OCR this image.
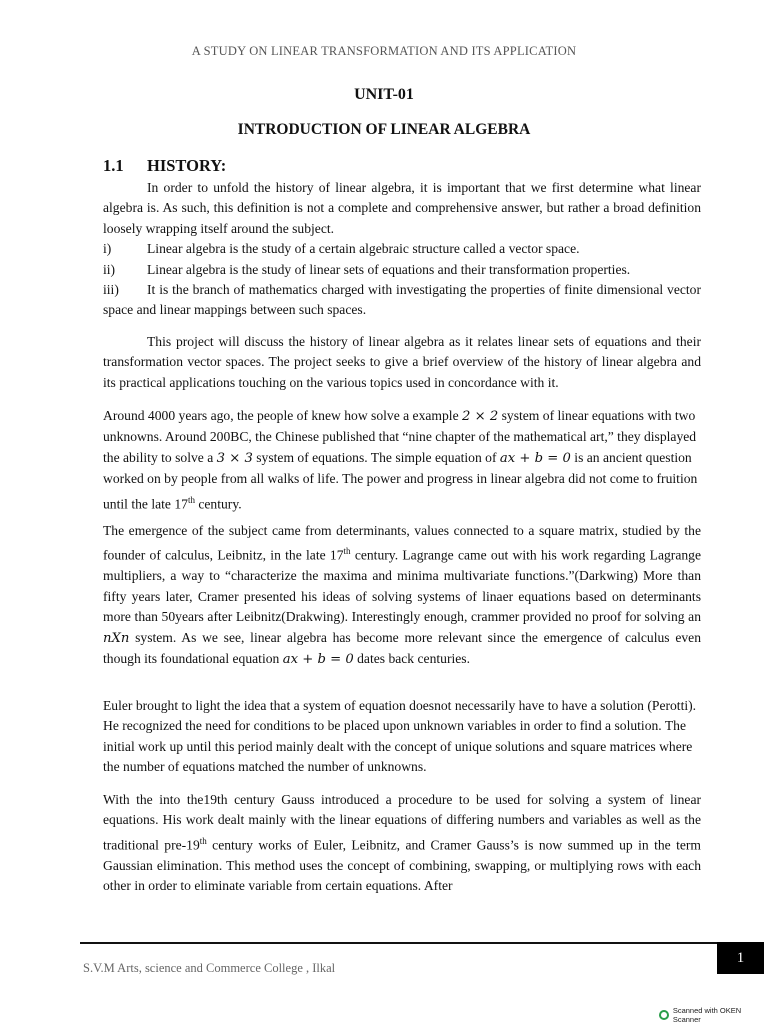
A STUDY ON LINEAR TRANSFORMATION AND ITS APPLICATION
UNIT-01
INTRODUCTION OF LINEAR ALGEBRA
1.1 HISTORY:

In order to unfold the history of linear algebra, it is important that we first determine what linear algebra is. As such, this definition is not a complete and comprehensive answer, but rather a broad definition loosely wrapping itself around the subject.

i)	Linear algebra is the study of a certain algebraic structure called a vector space.
ii)	Linear algebra is the study of linear sets of equations and their transformation properties.

iii) It is the branch of mathematics charged with investigating the properties of finite dimensional vector space and linear mappings between such spaces.

This project will discuss the history of linear algebra as it relates linear sets of equations and their transformation vector spaces. The project seeks to give a brief overview of the history of linear algebra and its practical applications touching on the various topics used in concordance with it.

Around 4000 years ago, the people of knew how solve a example 2 × 2 system of linear equations with two unknowns. Around 200BC, the Chinese published that “nine chapter of the mathematical art,” they displayed the ability to solve a 3 × 3 system of equations. The simple equation of ax + b = 0 is an ancient question worked on by people from all walks of life. The power and progress in linear algebra did not come to fruition until the late 17th century.

The emergence of the subject came from determinants, values connected to a square matrix, studied by the founder of calculus, Leibnitz, in the late 17th century. Lagrange came out with his work regarding Lagrange multipliers, a way to “characterize the maxima and minima multivariate functions.”(Darkwing) More than fifty years later, Cramer presented his ideas of solving systems of linaer equations based on determinants more than 50years after Leibnitz(Drakwing). Interestingly enough, crammer provided no proof for solving an nXn system. As we see, linear algebra has become more relevant since the emergence of calculus even though its foundational equation ax + b = 0 dates back centuries.

Euler brought to light the idea that a system of equation doesnot necessarily have to have a solution (Perotti). He recognized the need for conditions to be placed upon unknown variables in order to find a solution. The initial work up until this period mainly dealt with the concept of unique solutions and square matrices where the number of equations matched the number of unknowns.

With the into the19th century Gauss introduced a procedure to be used for solving a system of linear equations. His work dealt mainly with the linear equations of differing numbers and variables as well as the traditional pre-19th century works of Euler, Leibnitz, and Cramer Gauss’s is now summed up in the term Gaussian elimination. This method uses the concept of combining, swapping, or multiplying rows with each other in order to eliminate variable from certain equations. After

1
S.V.M Arts, science and Commerce College , Ilkal
Scanned with OKEN Scanner
